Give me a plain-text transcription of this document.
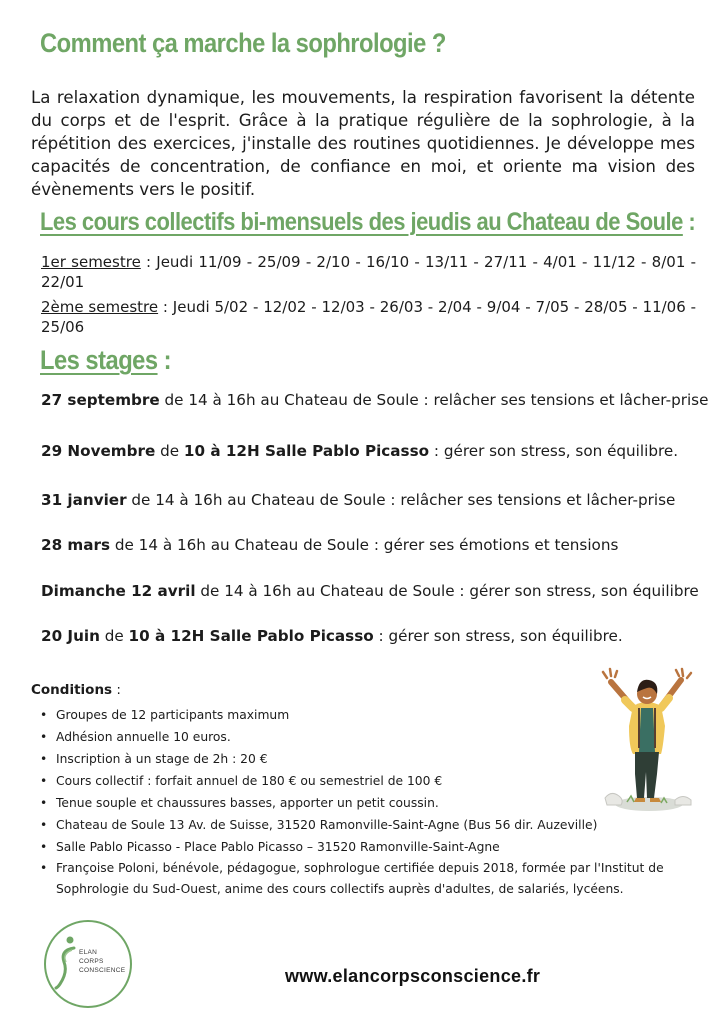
Comment ça marche la sophrologie ?
La relaxation dynamique, les mouvements, la respiration favorisent la détente du corps et de l'esprit. Grâce à la pratique régulière de la sophrologie, à la répétition des exercices, j'installe des routines quotidiennes. Je développe mes capacités de concentration, de confiance en moi, et oriente ma vision des évènements vers le positif.
Les cours collectifs bi-mensuels des jeudis au Chateau de Soule :
1er semestre : Jeudi 11/09 - 25/09 - 2/10 - 16/10 - 13/11 - 27/11 - 4/01 - 11/12 - 8/01 - 22/01
2ème semestre : Jeudi 5/02 - 12/02 - 12/03 - 26/03 - 2/04 - 9/04 - 7/05 - 28/05 - 11/06 - 25/06
Les stages :
27 septembre de 14 à 16h au Chateau de Soule : relâcher ses tensions et lâcher-prise
29 Novembre de 10 à 12H Salle Pablo Picasso : gérer son stress, son équilibre.
31 janvier de 14 à 16h au Chateau de Soule : relâcher ses tensions et lâcher-prise
28 mars de 14 à 16h au Chateau de Soule : gérer ses émotions et tensions
Dimanche 12 avril de 14 à 16h au Chateau de Soule : gérer son stress, son équilibre
20 Juin de 10 à 12H Salle Pablo Picasso : gérer son stress, son équilibre.
Conditions :
• Groupes de 12 participants maximum
• Adhésion annuelle 10 euros.
• Inscription à un stage de 2h : 20 €
• Cours collectif : forfait annuel de 180 € ou semestriel de 100 €
• Tenue souple et chaussures basses, apporter un petit coussin.
• Chateau de Soule 13 Av. de Suisse, 31520 Ramonville-Saint-Agne (Bus 56 dir. Auzeville)
• Salle Pablo Picasso - Place Pablo Picasso – 31520 Ramonville-Saint-Agne
• Françoise Poloni, bénévole, pédagogue, sophrologue certifiée depuis 2018, formée par l'Institut de Sophrologie du Sud-Ouest, anime des cours collectifs auprès d'adultes, de salariés, lycéens.
ELAN
CORPS
CONSCIENCE	www.elancorpsconscience.fr
